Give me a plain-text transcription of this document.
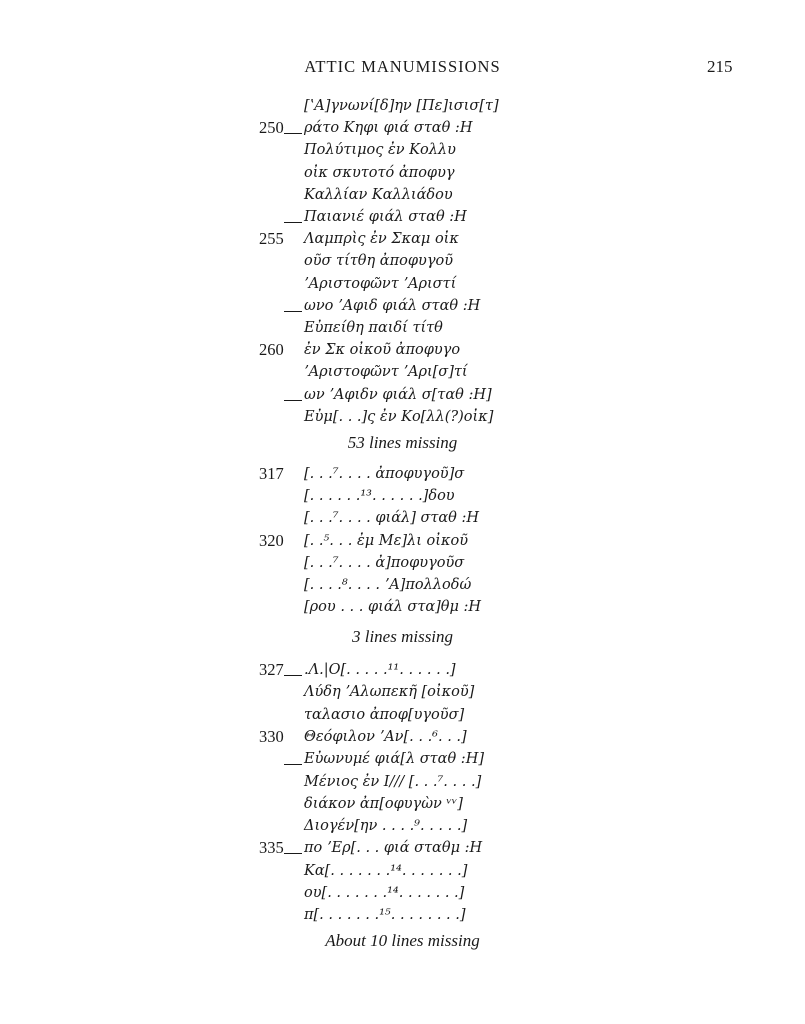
ATTIC MANUMISSIONS	215
[ʽΑ]γνωνί[δ]ην [Πε]ισισ[τ]
250 ράτο Κηφι φιά σταθ :Η
Πολύτιμος ἐν Κολλυ
οἰκ σκυτοτό ἀποφυγ
Καλλίαν Καλλιάδου
Παιανιέ φιάλ σταθ :Η
255 Λαμπρὶς ἐν Σκαμ οἰκ
οῦσ τίτθη ἀποφυγοῦ
ʼΑριστοφῶντ ʼΑριστί
ωνο ʼΑφιδ φιάλ σταθ :Η
Εὐπείθη παιδί τίτθ
260 ἐν Σκ οἰκοῦ ἀποφυγο
ʼΑριστοφῶντ ʼΑρι[σ]τί
ων ʼΑφιδν φιάλ σ[ταθ :Η]
Εὐμ[. . .]ς ἐν Κο[λλ(?)οἰκ]
53 lines missing
317 [. . .⁷. . . . ἀποφυγοῦ]σ
[. . . . . .¹³. . . . . .]δου
[. . .⁷. . . . φιάλ] σταθ :Η
320 [. .⁵. . . ἐμ Με]λι οἰκοῦ
[. . .⁷. . . . ἀ]ποφυγοῦσ
[. . . .⁸. . . . ʼΑ]πολλοδώ
[ρου . . . φιάλ στα]θμ :Η
3 lines missing
327 .Λ.|Ο[. . . . .¹¹. . . . . .]
Λύδη ʼΑλωπεκῆ [οἰκοῦ]
ταλασιο ἀποφ[υγοῦσ]
330 Θεόφιλον ʼΑν[. . .⁶. . .]
Εὐωνυμέ φιά[λ σταθ :Η]
Μένιος ἐν Ι/// [. . .⁷. . . .]
διάκον ἀπ[οφυγὼν ᵛᵛ]
Διογέν[ην . . . .⁹. . . . .]
335 πο ʼΕρ[. . . φιά σταθμ :Η
Κα[. . . . . . .¹⁴. . . . . . .]
ου[. . . . . . .¹⁴. . . . . . .]
π[. . . . . . .¹⁵. . . . . . . .]
About 10 lines missing
